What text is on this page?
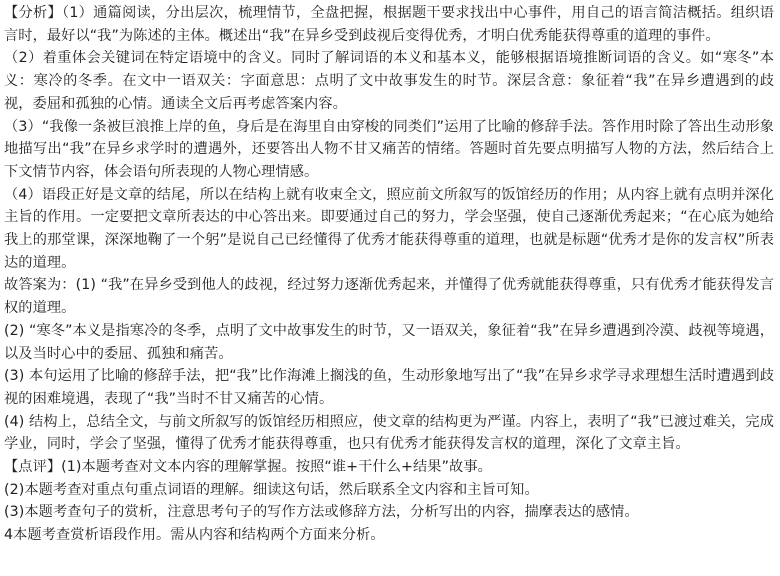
【分析】（1）通篇阅读，分出层次，梳理情节，全盘把握，根据题干要求找出中心事件，用自己的语言简洁概括。组织语言时，最好以“我”为陈述的主体。概述出“我”在异乡受到歧视后变得优秀，才明白优秀能获得尊重的道理的事件。

（2）着重体会关键词在特定语境中的含义。同时了解词语的本义和基本义，能够根据语境推断词语的含义。如“寒冬”本义：寒冷的冬季。在文中一语双关：字面意思：点明了文中故事发生的时节。深层含意：象征着“我”在异乡遭遇到的歧视，委屈和孤独的心情。通读全文后再考虑答案内容。

（3）“我像一条被巨浪推上岸的鱼，身后是在海里自由穿梭的同类们”运用了比喻的修辞手法。答作用时除了答出生动形象地描写出“我”在异乡求学时的遭遇外，还要答出人物不甘又痛苦的情绪。答题时首先要点明描写人物的方法，然后结合上下文情节内容，体会语句所表现的人物心理情感。

（4）语段正好是文章的结尾，所以在结构上就有收束全文，照应前文所叙写的饭馆经历的作用；从内容上就有点明并深化主旨的作用。一定要把文章所表达的中心答出来。即要通过自己的努力，学会坚强，使自己逐渐优秀起来；“在心底为她给我上的那堂课，深深地鞠了一个躬”是说自己已经懂得了优秀才能获得尊重的道理，也就是标题“优秀才是你的发言权”所表达的道理。

故答案为：(1) “我”在异乡受到他人的歧视，经过努力逐渐优秀起来，并懂得了优秀就能获得尊重，只有优秀才能获得发言权的道理。

(2) “寒冬”本义是指寒冷的冬季，点明了文中故事发生的时节，又一语双关，象征着“我”在异乡遭遇到冷漠、歧视等境遇，以及当时心中的委屈、孤独和痛苦。

(3) 本句运用了比喻的修辞手法，把“我”比作海滩上搁浅的鱼，生动形象地写出了“我”在异乡求学寻求理想生活时遭遇到歧视的困难境遇，表现了“我”当时不甘又痛苦的心情。

(4) 结构上，总结全文，与前文所叙写的饭馆经历相照应，使文章的结构更为严谨。内容上，表明了“我”已渡过难关，完成学业，同时，学会了坚强，懂得了优秀才能获得尊重，也只有优秀才能获得发言权的道理，深化了文章主旨。

【点评】(1)本题考查对文本内容的理解掌握。按照“谁+干什么+结果”故事。

(2)本题考查对重点句重点词语的理解。细读这句话，然后联系全文内容和主旨可知。

(3)本题考查句子的赏析，注意思考句子的写作方法或修辞方法，分析写出的内容，揣摩表达的感情。

4本题考查赏析语段作用。需从内容和结构两个方面来分析。
